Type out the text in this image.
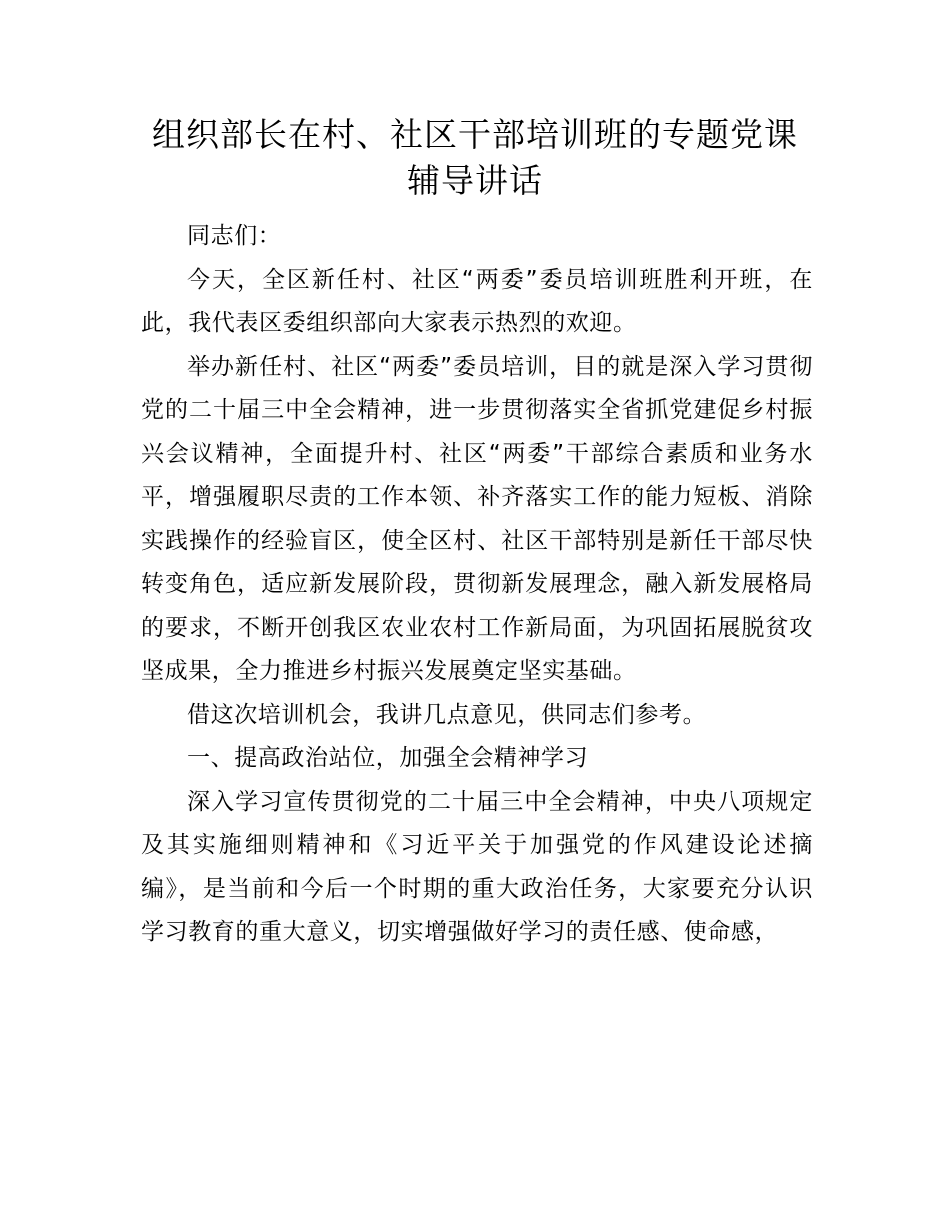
组织部长在村、社区干部培训班的专题党课辅导讲话

同志们：

今天，全区新任村、社区“两委”委员培训班胜利开班，在此，我代表区委组织部向大家表示热烈的欢迎。

举办新任村、社区“两委”委员培训，目的就是深入学习贯彻党的二十届三中全会精神，进一步贯彻落实全省抓党建促乡村振兴会议精神，全面提升村、社区“两委”干部综合素质和业务水平，增强履职尽责的工作本领、补齐落实工作的能力短板、消除实践操作的经验盲区，使全区村、社区干部特别是新任干部尽快转变角色，适应新发展阶段，贯彻新发展理念，融入新发展格局的要求，不断开创我区农业农村工作新局面，为巩固拓展脱贫攻坚成果，全力推进乡村振兴发展奠定坚实基础。

借这次培训机会，我讲几点意见，供同志们参考。

一、提高政治站位，加强全会精神学习

深入学习宣传贯彻党的二十届三中全会精神，中央八项规定及其实施细则精神和《习近平关于加强党的作风建设论述摘编》，是当前和今后一个时期的重大政治任务，大家要充分认识学习教育的重大意义，切实增强做好学习的责任感、使命感，
